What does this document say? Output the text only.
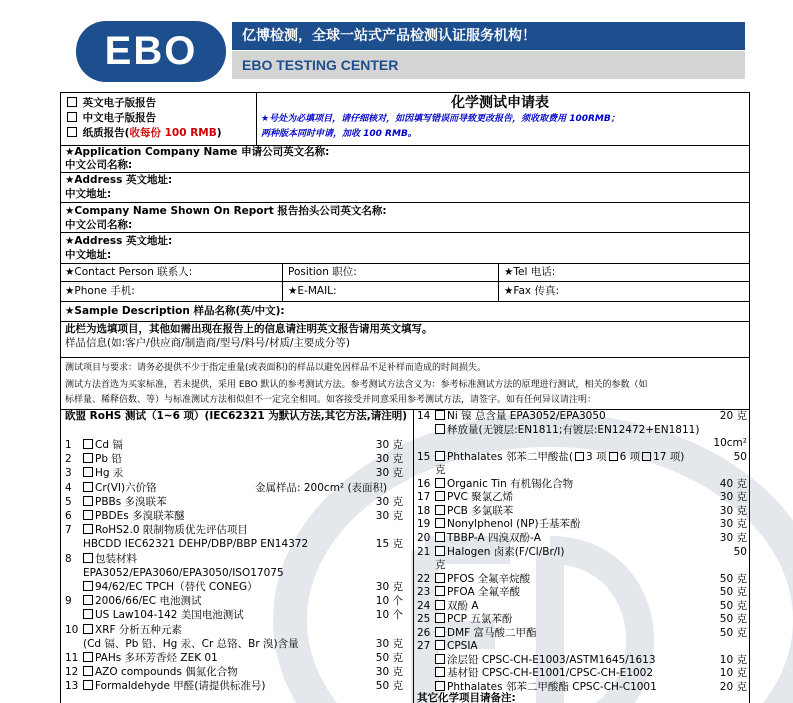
EBO	亿博检测，全球一站式产品检测认证服务机构！
EBO TESTING CENTER
英文电子版报告
中文电子版报告
纸质报告(收每份 100 RMB)
化学测试申请表
★号处为必填项目，请仔细核对，如因填写错误而导致更改报告，须收取费用 100RMB；
两种版本同时申请，加收 100 RMB。
★Application Company Name 申请公司英文名称:
中文公司名称:
★Address 英文地址:
中文地址:
★Company Name Shown On Report 报告抬头公司英文名称:
中文公司名称:
★Address 英文地址:
中文地址:
★Contact Person 联系人:	Position 职位:	★Tel 电话:
★Phone 手机:	★E-MAIL:	★Fax 传真:
★Sample Description 样品名称(英/中文):
此栏为选填项目，其他如需出现在报告上的信息请注明英文报告请用英文填写。
样品信息(如:客户/供应商/制造商/型号/料号/材质/主要成分等)
测试项目与要求：请务必提供不少于指定重量(或表面积)的样品以避免因样品不足补样而造成的时间损失。
测试方法首选为买家标准，若未提供，采用 EBO 默认的参考测试方法。参考测试方法含义为：参考标准测试方法的原理进行测试，相关的参数（如
标样量、稀释倍数、等）与标准测试方法相似但不一定完全相同。如客接受并同意采用参考测试方法，请签字。如有任何异议请注明：
欧盟 RoHS 测试（1~6 项）(IEC62321 为默认方法,其它方法,请注明)
其它化学项目请备注:
1 Cd 镉	30 克
2 Pb 铅	30 克
3 Hg 汞	30 克
4 Cr(VI)六价铬	金属样品: 200cm² (表面积)
5 PBBs 多溴联苯	30 克
6 PBDEs 多溴联苯醚	30 克
7 RoHS2.0 限制物质优先评估项目
HBCDD IEC62321 DEHP/DBP/BBP EN14372	15 克
8 包装材料
EPA3052/EPA3060/EPA3050/ISO17075
94/62/EC TPCH（替代 CONEG）	30 克
9 2006/66/EC 电池测试	10 个
US Law104-142 美国电池测试	10 个
10 XRF 分析五种元素
(Cd 镉、Pb 铅、Hg 汞、Cr 总铬、Br 溴)含量	30 克
11 PAHs 多环芳香烃 ZEK 01	50 克
12 AZO compounds 偶氮化合物	30 克
13 Formaldehyde 甲醛(请提供标准号)	50 克
14 Ni 镍 总含量 EPA3052/EPA3050	20 克
释放量(无镀层:EN1811;有镀层:EN12472+EN1811)
10cm²
15 Phthalates 邻苯二甲酸盐( 3 项 6 项 17 项)	50
克
16 Organic Tin 有机锡化合物	40 克
17 PVC 聚氯乙烯	30 克
18 PCB 多氯联苯	30 克
19 Nonylphenol (NP)壬基苯酚	30 克
20 TBBP-A 四溴双酚-A	30 克
21 Halogen 卤素(F/Cl/Br/I)	50
克
22 PFOS 全氟辛烷酸	50 克
23 PFOA 全氟辛酸	50 克
24 双酚 A	50 克
25 PCP 五氯苯酚	50 克
26 DMF 富马酸二甲酯	50 克
27 CPSIA
涂层铅 CPSC-CH-E1003/ASTM1645/1613	10 克
基材铅 CPSC-CH-E1001/CPSC-CH-E1002	10 克
Phthalates 邻苯二甲酸酯 CPSC-CH-C1001	20 克
